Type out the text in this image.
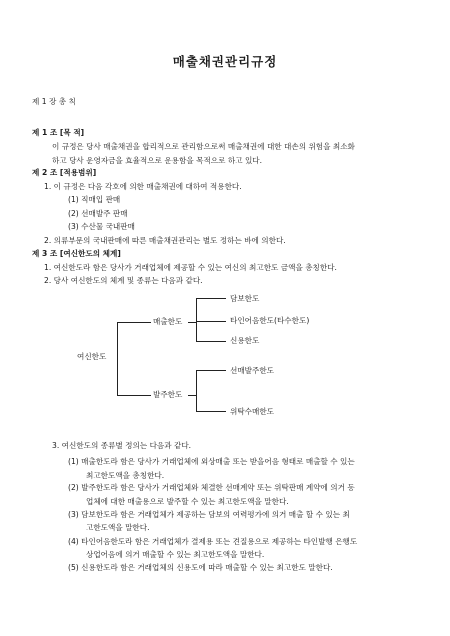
매출채권관리규정
제 1 장 총 칙
제 1 조 [목 적]
이 규정은 당사 매출채권을 합리적으로 관리함으로써 매출채권에 대한 대손의 위험을 최소화
하고 당사 운영자금을 효율적으로 운용함을 목적으로 하고 있다.
제 2 조 [적용범위]
1. 이 규정은 다음 각호에 의한 매출채권에 대하여 적용한다.
(1) 직매입 판매
(2) 선매발주 판매
(3) 수산물 국내판매
2. 의류부문의 국내판매에 따른 매출채권관리는 별도 정하는 바에 의한다.
제 3 조 [여신한도의 체계]
1. 여신한도라 함은 당사가 거래업체에 제공할 수 있는 여신의 최고한도 금액을 총칭한다.
2. 당사 여신한도의 체계 및 종류는 다음과 같다.
여신한도
매출한도
담보한도
타인어음한도(타수한도)
신용한도
발주한도
선매발주한도
위탁수매한도
3. 여신한도의 종류별 정의는 다음과 같다.
(1) 매출한도라 함은 당사가 거래업체에 외상매출 또는 받을어음 형태로 매출할 수 있는
최고한도액을 총칭한다.
(2) 발주한도라 함은 당사가 거래업체와 체결한 선매계약 또는 위탁판매 계약에 의거 동
업체에 대한 매출용으로 발주할 수 있는 최고한도액을 말한다.
(3) 담보한도라 함은 거래업체가 제공하는 담보의 여력평가에 의거 매출 할 수 있는 최
고한도액을 말한다.
(4) 타인어음한도라 함은 거래업체가 결제용 또는 견질용으로 제공하는 타인발행 은행도
상업어음에 의거 매출할 수 있는 최고한도액을 말한다.
(5) 신용한도라 함은 거래업체의 신용도에 따라 매출할 수 있는 최고한도 말한다.
